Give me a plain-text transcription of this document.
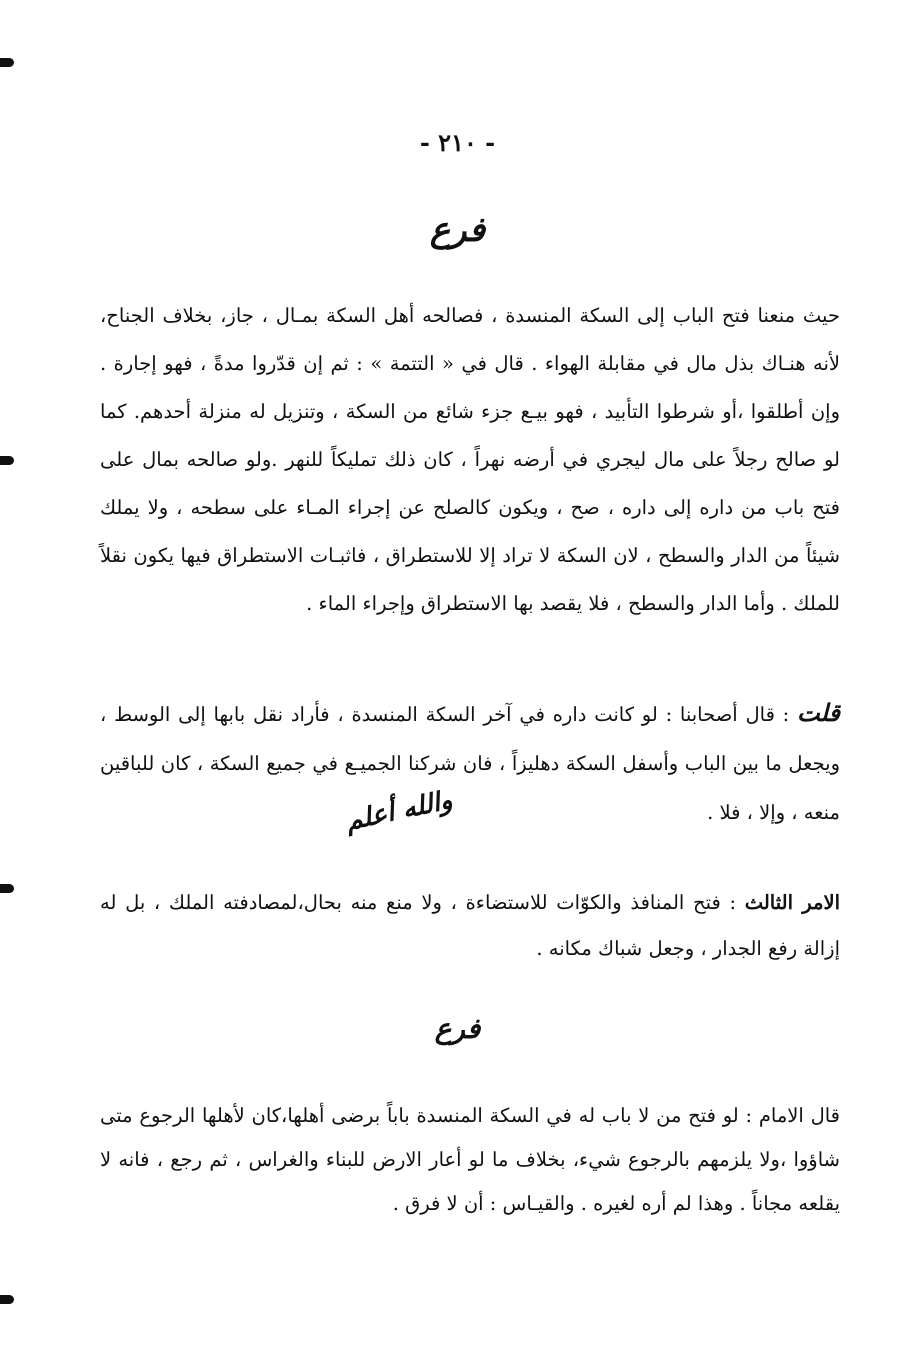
- ٢١٠ -
فرع
حيث منعنا فتح الباب إلى السكة المنسدة ، فصالحه أهل السكة بمـال ، جاز، بخلاف الجناح، لأنه هنـاك بذل مال في مقابلة الهواء . قال في « التتمة » : ثم إن قدّروا مدةً ، فهو إجارة . وإن أطلقوا ،أو شرطوا التأبيد ، فهو بيـع جزء شائع من السكة ، وتنزيل له منزلة أحدهم. كما لو صالح رجلاً على مال ليجري في أرضه نهراً ، كان ذلك تمليكاً للنهر .ولو صالحه بمال على فتح باب من داره إلى داره ، صح ، ويكون كالصلح عن إجراء المـاء على سطحه ، ولا يملك شيئاً من الدار والسطح ، لان السكة لا تراد إلا للاستطراق ، فاثبـات الاستطراق فيها يكون نقلاً للملك . وأما الدار والسطح ، فلا يقصد بها الاستطراق وإجراء الماء .
قلت : قال أصحابنا : لو كانت داره في آخر السكة المنسدة ، فأراد نقل بابها إلى الوسط ، ويجعل ما بين الباب وأسفل السكة دهليزاً ، فان شركنا الجميـع في جميع السكة ، كان للباقين منعه ، وإلا ، فلا .
والله أعلم
الامر الثالث : فتح المنافذ والكوّات للاستضاءة ، ولا منع منه بحال،لمصادفته الملك ، بل له إزالة رفع الجدار ، وجعل شباك مكانه .
فرع
قال الامام : لو فتح من لا باب له في السكة المنسدة باباً برضى أهلها،كان لأهلها الرجوع متى شاؤوا ،ولا يلزمهم بالرجوع شيء، بخلاف ما لو أعار الارض للبناء والغراس ، ثم رجع ، فانه لا يقلعه مجاناً . وهذا لم أره لغيره . والقيـاس : أن لا فرق .
